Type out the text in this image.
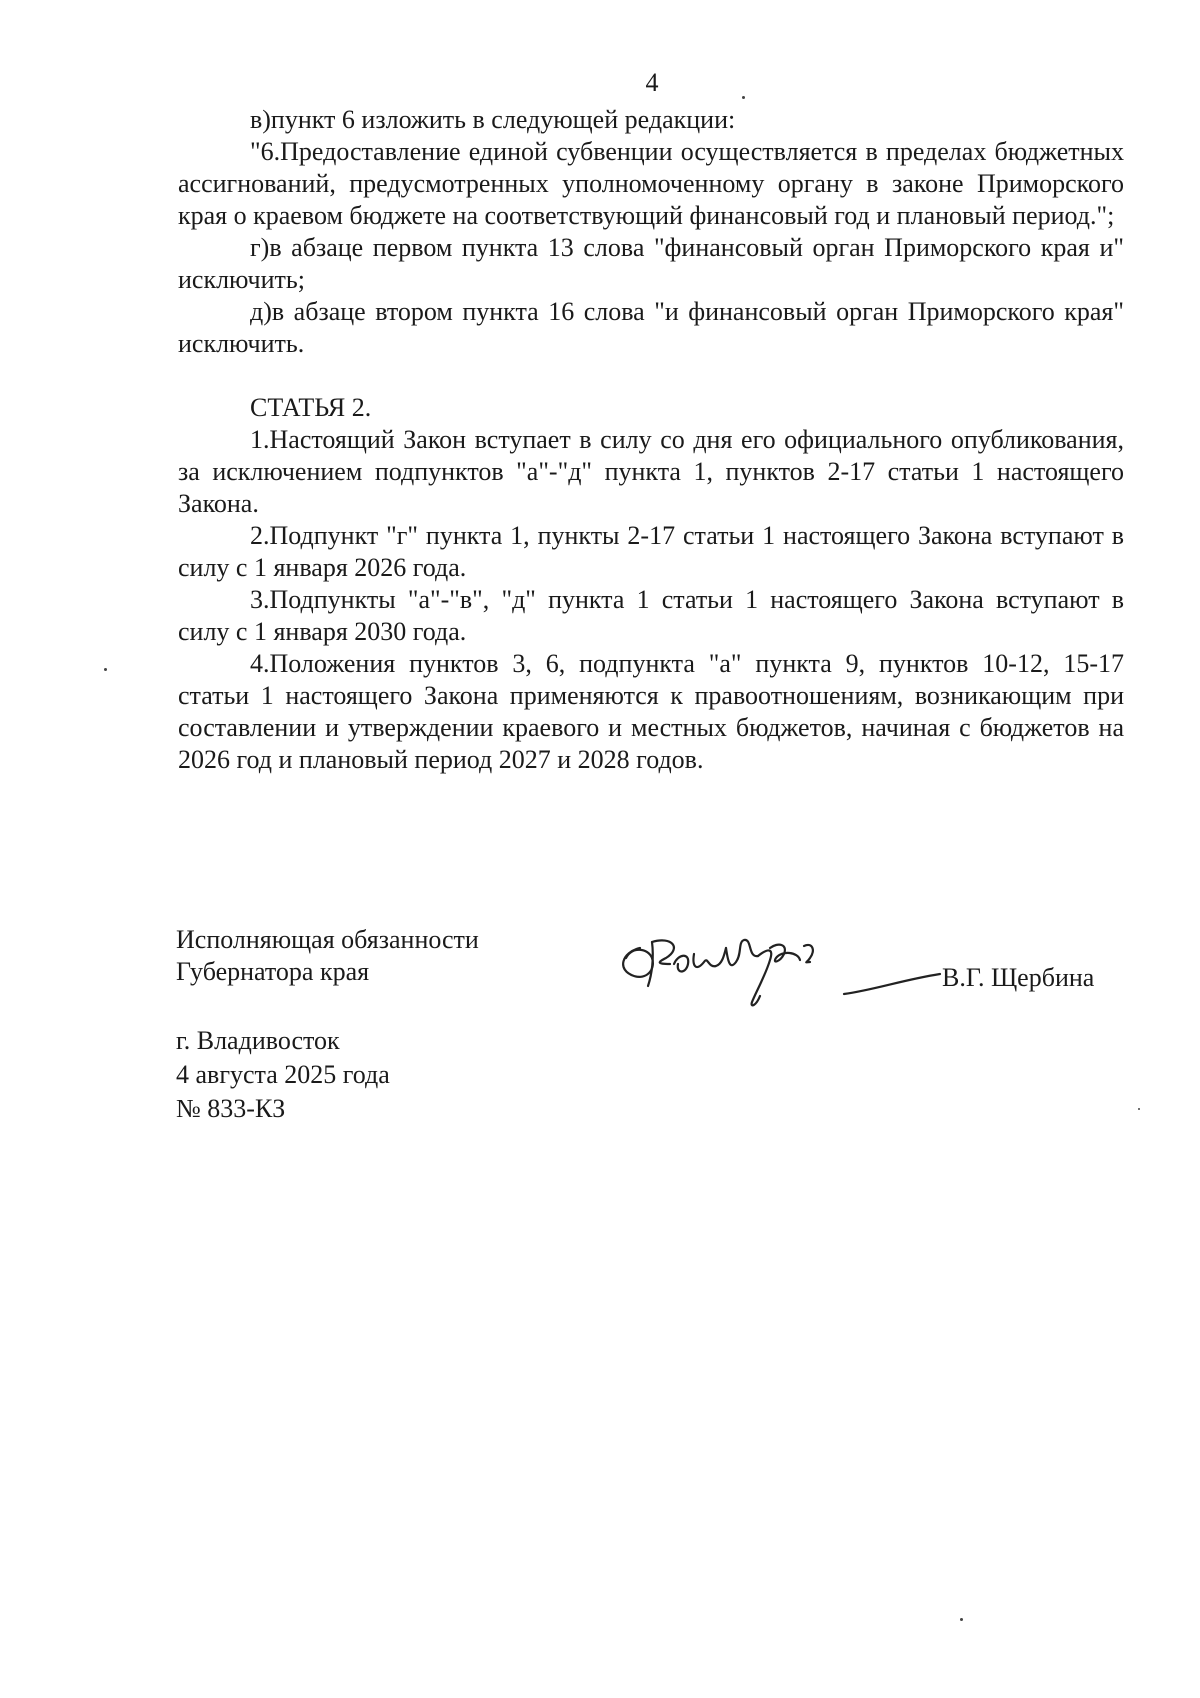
4

в)пункт 6 изложить в следующей редакции:

"6.Предоставление единой субвенции осуществляется в пределах бюджетных ассигнований, предусмотренных уполномоченному органу в законе Приморского края о краевом бюджете на соответствующий финансовый год и плановый период.";

г)в абзаце первом пункта 13 слова "финансовый орган Приморского края и" исключить;

д)в абзаце втором пункта 16 слова "и финансовый орган Приморского края" исключить.

СТАТЬЯ 2.

1.Настоящий Закон вступает в силу со дня его официального опубликования, за исключением подпунктов "а"-"д" пункта 1, пунктов 2-17 статьи 1 настоящего Закона.

2.Подпункт "г" пункта 1, пункты 2-17 статьи 1 настоящего Закона вступают в силу с 1 января 2026 года.

3.Подпункты "а"-"в", "д" пункта 1 статьи 1 настоящего Закона вступают в силу с 1 января 2030 года.

4.Положения пунктов 3, 6, подпункта "а" пункта 9, пунктов 10-12, 15-17 статьи 1 настоящего Закона применяются к правоотношениям, возникающим при составлении и утверждении краевого и местных бюджетов, начиная с бюджетов на 2026 год и плановый период 2027 и 2028 годов.

Исполняющая обязанности
Губернатора края	В.Г. Щербина
г. Владивосток
4 августа 2025 года
№ 833-КЗ
